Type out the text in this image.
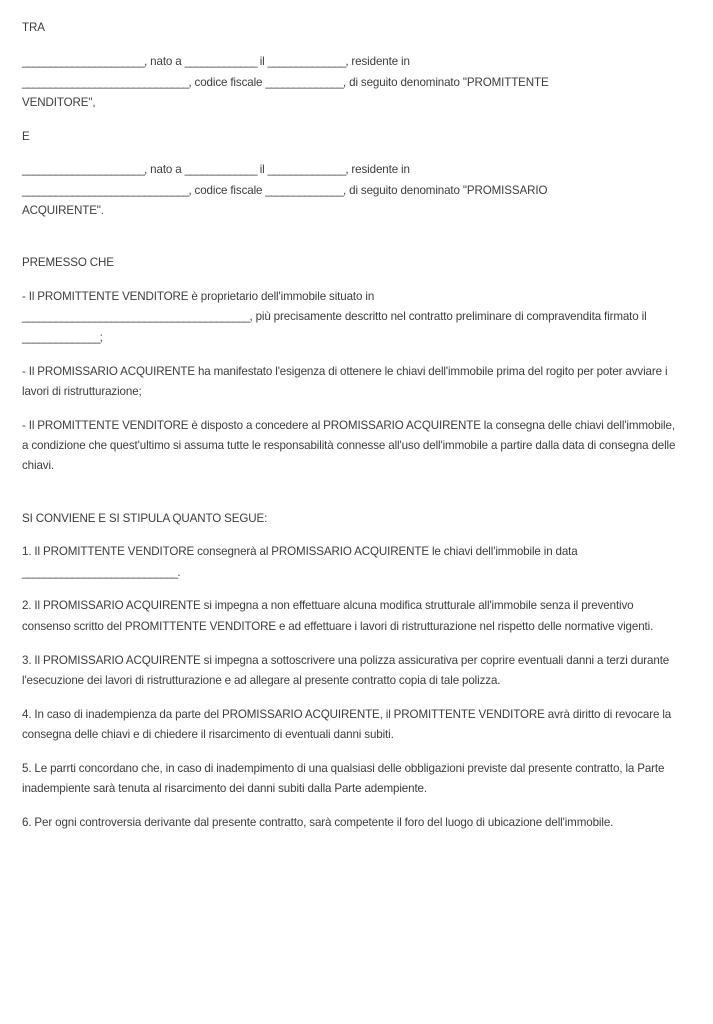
TRA

______________________, nato a _____________ il ______________, residente in
______________________________, codice fiscale ______________, di seguito denominato "PROMITTENTE
VENDITORE",

E

______________________, nato a _____________ il ______________, residente in
______________________________, codice fiscale ______________, di seguito denominato "PROMISSARIO
ACQUIRENTE".

PREMESSO CHE

- Il PROMITTENTE VENDITORE è proprietario dell'immobile situato in
_________________________________________, più precisamente descritto nel contratto preliminare di compravendita firmato il ______________;

- Il PROMISSARIO ACQUIRENTE ha manifestato l'esigenza di ottenere le chiavi dell'immobile prima del rogito per poter avviare i lavori di ristrutturazione;

- Il PROMITTENTE VENDITORE è disposto a concedere al PROMISSARIO ACQUIRENTE la consegna delle chiavi dell'immobile, a condizione che quest'ultimo si assuma tutte le responsabilità connesse all'uso dell'immobile a partire dalla data di consegna delle chiavi.

SI CONVIENE E SI STIPULA QUANTO SEGUE:

1. Il PROMITTENTE VENDITORE consegnerà al PROMISSARIO ACQUIRENTE le chiavi dell'immobile in data
____________________________.

2. Il PROMISSARIO ACQUIRENTE si impegna a non effettuare alcuna modifica strutturale all'immobile senza il preventivo consenso scritto del PROMITTENTE VENDITORE e ad effettuare i lavori di ristrutturazione nel rispetto delle normative vigenti.

3. Il PROMISSARIO ACQUIRENTE si impegna a sottoscrivere una polizza assicurativa per coprire eventuali danni a terzi durante l'esecuzione dei lavori di ristrutturazione e ad allegare al presente contratto copia di tale polizza.

4. In caso di inadempienza da parte del PROMISSARIO ACQUIRENTE, il PROMITTENTE VENDITORE avrà diritto di revocare la consegna delle chiavi e di chiedere il risarcimento di eventuali danni subiti.

5. Le parrti concordano che, in caso di inadempimento di una qualsiasi delle obbligazioni previste dal presente contratto, la Parte inadempiente sarà tenuta al risarcimento dei danni subiti dalla Parte adempiente.

6. Per ogni controversia derivante dal presente contratto, sarà competente il foro del luogo di ubicazione dell'immobile.
